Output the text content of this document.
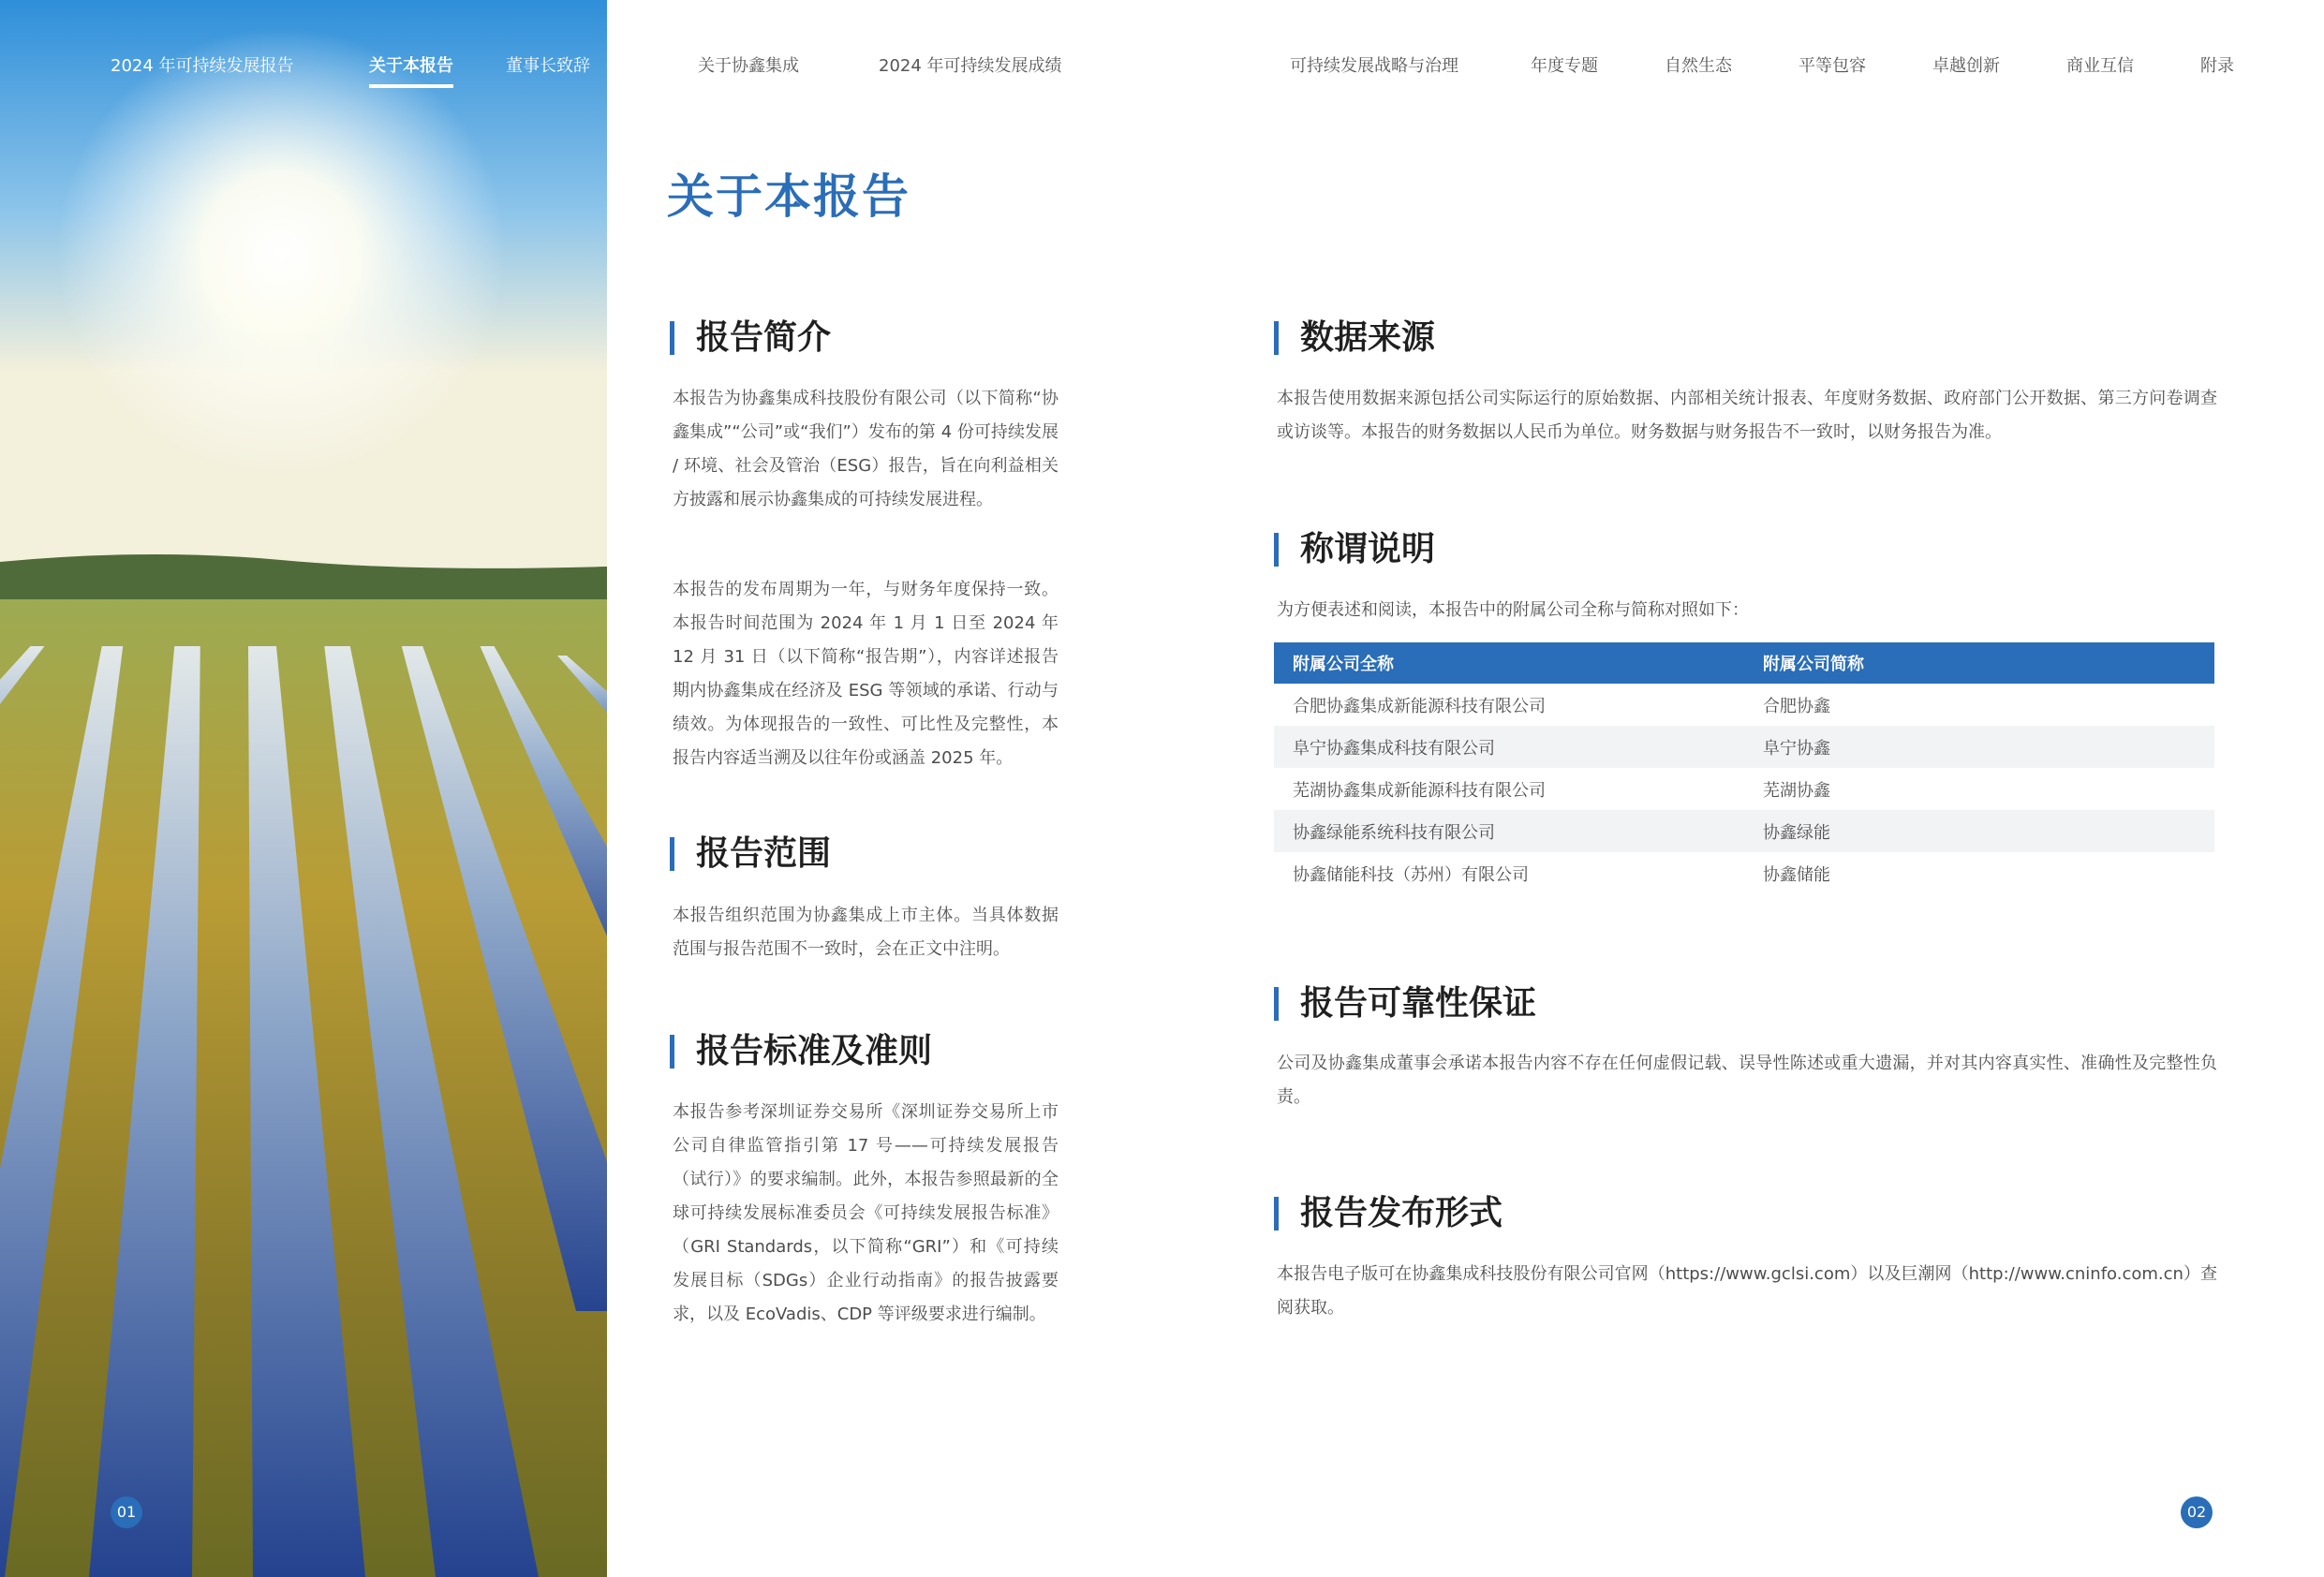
2024 年可持续发展报告	关于本报告	董事长致辞	关于协鑫集成	2024 年可持续发展成绩	可持续发展战略与治理	年度专题	自然生态	平等包容	卓越创新	商业互信	附录
关于本报告
报告简介

本报告为协鑫集成科技股份有限公司（以下简称“协鑫集成”“公司”或“我们”）发布的第 4 份可持续发展 / 环境、社会及管治（ESG）报告，旨在向利益相关方披露和展示协鑫集成的可持续发展进程。

本报告的发布周期为一年，与财务年度保持一致。本报告时间范围为 2024 年 1 月 1 日至 2024 年 12 月 31 日（以下简称“报告期”），内容详述报告期内协鑫集成在经济及 ESG 等领域的承诺、行动与绩效。为体现报告的一致性、可比性及完整性，本报告内容适当溯及以往年份或涵盖 2025 年。

报告范围

本报告组织范围为协鑫集成上市主体。当具体数据范围与报告范围不一致时，会在正文中注明。

报告标准及准则

本报告参考深圳证券交易所《深圳证券交易所上市公司自律监管指引第 17 号——可持续发展报告（试行）》的要求编制。此外，本报告参照最新的全球可持续发展标准委员会《可持续发展报告标准》（GRI Standards，以下简称“GRI”）和《可持续发展目标（SDGs）企业行动指南》的报告披露要求，以及 EcoVadis、CDP 等评级要求进行编制。

数据来源

本报告使用数据来源包括公司实际运行的原始数据、内部相关统计报表、年度财务数据、政府部门公开数据、第三方问卷调查或访谈等。本报告的财务数据以人民币为单位。财务数据与财务报告不一致时，以财务报告为准。

称谓说明

为方便表述和阅读，本报告中的附属公司全称与简称对照如下：

附属公司全称	附属公司简称
合肥协鑫集成新能源科技有限公司	合肥协鑫
阜宁协鑫集成科技有限公司	阜宁协鑫
芜湖协鑫集成新能源科技有限公司	芜湖协鑫
协鑫绿能系统科技有限公司	协鑫绿能
协鑫储能科技（苏州）有限公司	协鑫储能
报告可靠性保证

公司及协鑫集成董事会承诺本报告内容不存在任何虚假记载、误导性陈述或重大遗漏，并对其内容真实性、准确性及完整性负责。

报告发布形式

本报告电子版可在协鑫集成科技股份有限公司官网（https://www.gclsi.com）以及巨潮网（http://www.cninfo.com.cn）查阅获取。

01	02
